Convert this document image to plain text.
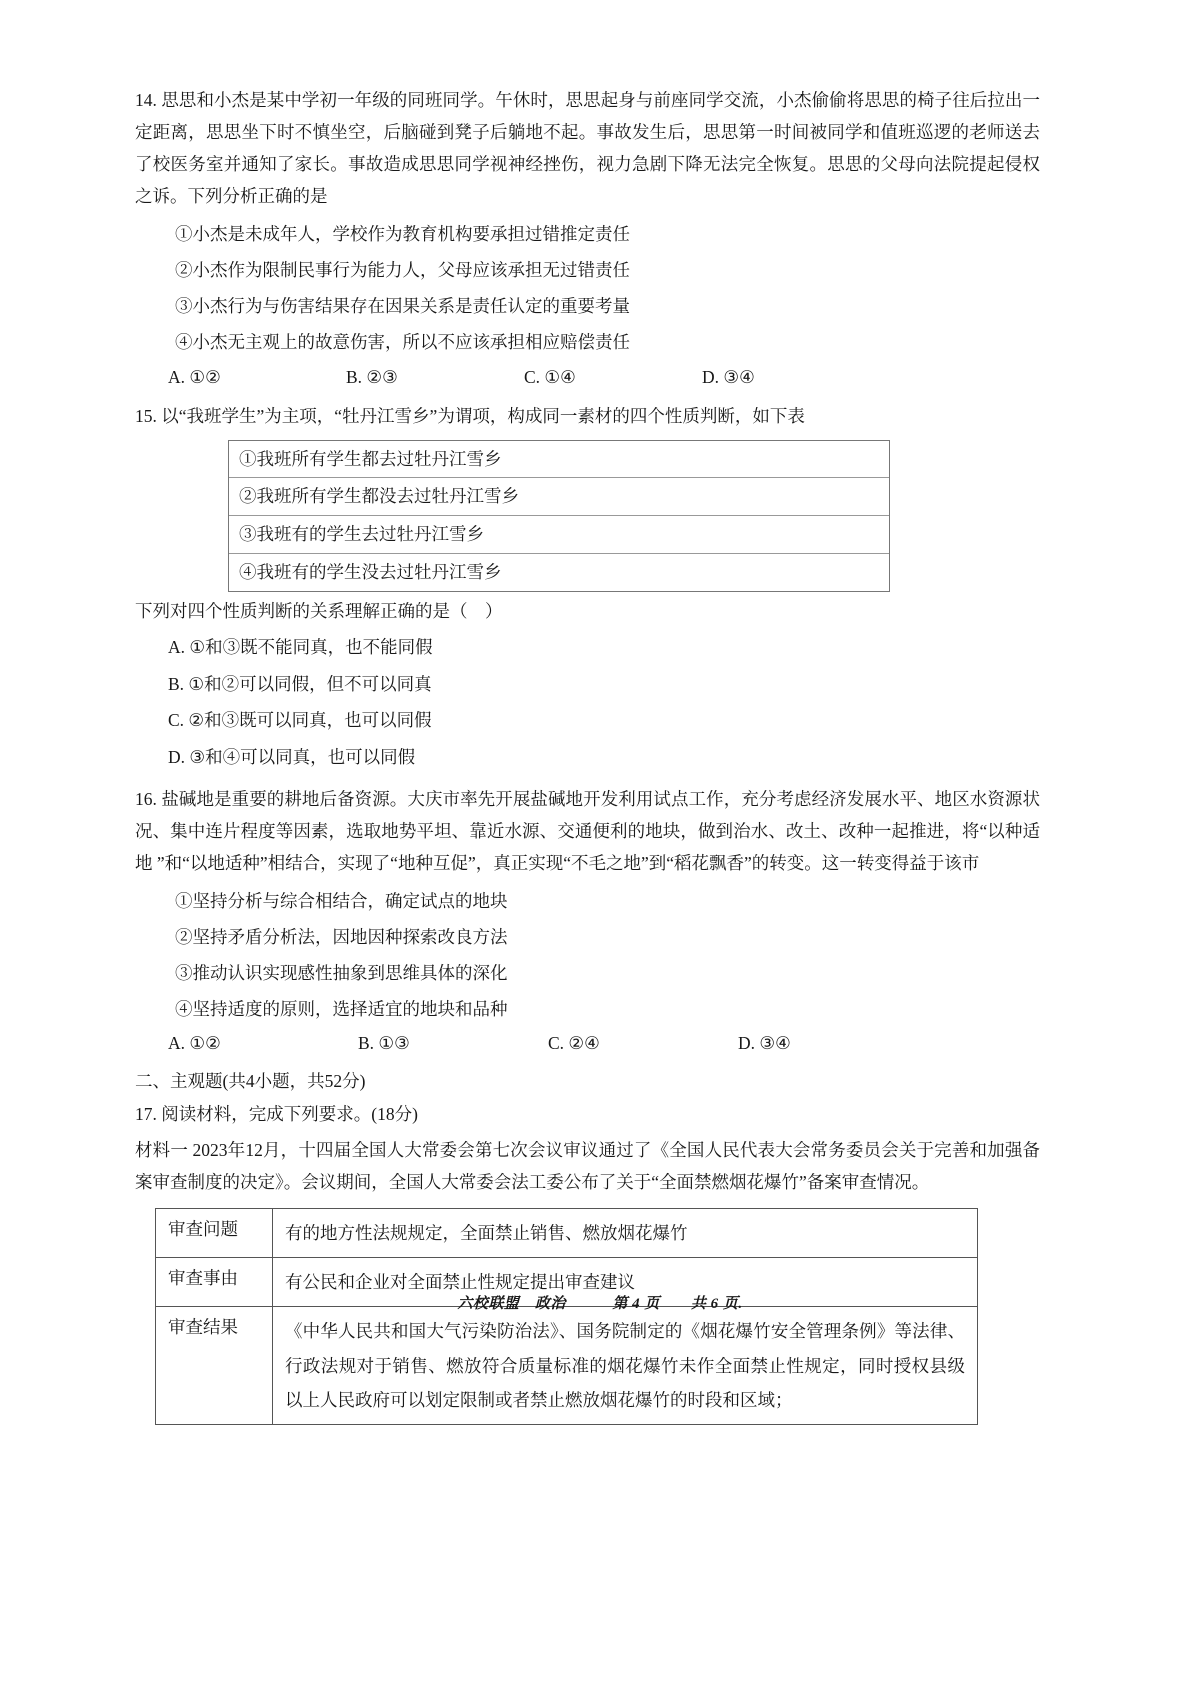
14. 思思和小杰是某中学初一年级的同班同学。午休时，思思起身与前座同学交流，小杰偷偷将思思的椅子往后拉出一定距离，思思坐下时不慎坐空，后脑碰到凳子后躺地不起。事故发生后，思思第一时间被同学和值班巡逻的老师送去了校医务室并通知了家长。事故造成思思同学视神经挫伤，视力急剧下降无法完全恢复。思思的父母向法院提起侵权之诉。下列分析正确的是

①小杰是未成年人，学校作为教育机构要承担过错推定责任

②小杰作为限制民事行为能力人，父母应该承担无过错责任

③小杰行为与伤害结果存在因果关系是责任认定的重要考量

④小杰无主观上的故意伤害，所以不应该承担相应赔偿责任

A. ①②	B. ②③	C. ①④	D. ③④

15. 以“我班学生”为主项，“牡丹江雪乡”为谓项，构成同一素材的四个性质判断，如下表

①我班所有学生都去过牡丹江雪乡
②我班所有学生都没去过牡丹江雪乡
③我班有的学生去过牡丹江雪乡
④我班有的学生没去过牡丹江雪乡

下列对四个性质判断的关系理解正确的是（　）

A. ①和③既不能同真，也不能同假

B. ①和②可以同假，但不可以同真

C. ②和③既可以同真，也可以同假

D. ③和④可以同真，也可以同假

16. 盐碱地是重要的耕地后备资源。大庆市率先开展盐碱地开发利用试点工作，充分考虑经济发展水平、地区水资源状况、集中连片程度等因素，选取地势平坦、靠近水源、交通便利的地块，做到治水、改土、改种一起推进，将“以种适地 ”和“以地适种”相结合，实现了“地种互促”，真正实现“不毛之地”到“稻花飘香”的转变。这一转变得益于该市

①坚持分析与综合相结合，确定试点的地块

②坚持矛盾分析法，因地因种探索改良方法

③推动认识实现感性抽象到思维具体的深化

④坚持适度的原则，选择适宜的地块和品种

A. ①②	B. ①③	C. ②④	D. ③④

二、主观题(共4小题，共52分)

17. 阅读材料，完成下列要求。(18分)

材料一 2023年12月，十四届全国人大常委会第七次会议审议通过了《全国人民代表大会常务委员会关于完善和加强备案审查制度的决定》。会议期间，全国人大常委会法工委公布了关于“全面禁燃烟花爆竹”备案审查情况。

审查问题	有的地方性法规规定，全面禁止销售、燃放烟花爆竹
审查事由	有公民和企业对全面禁止性规定提出审查建议
审查结果	《中华人民共和国大气污染防治法》、国务院制定的《烟花爆竹安全管理条例》等法律、行政法规对于销售、燃放符合质量标准的烟花爆竹未作全面禁止性规定，同时授权县级以上人民政府可以划定限制或者禁止燃放烟花爆竹的时段和区域；
六校联盟　政治　　　第 4 页　　共 6 页.
